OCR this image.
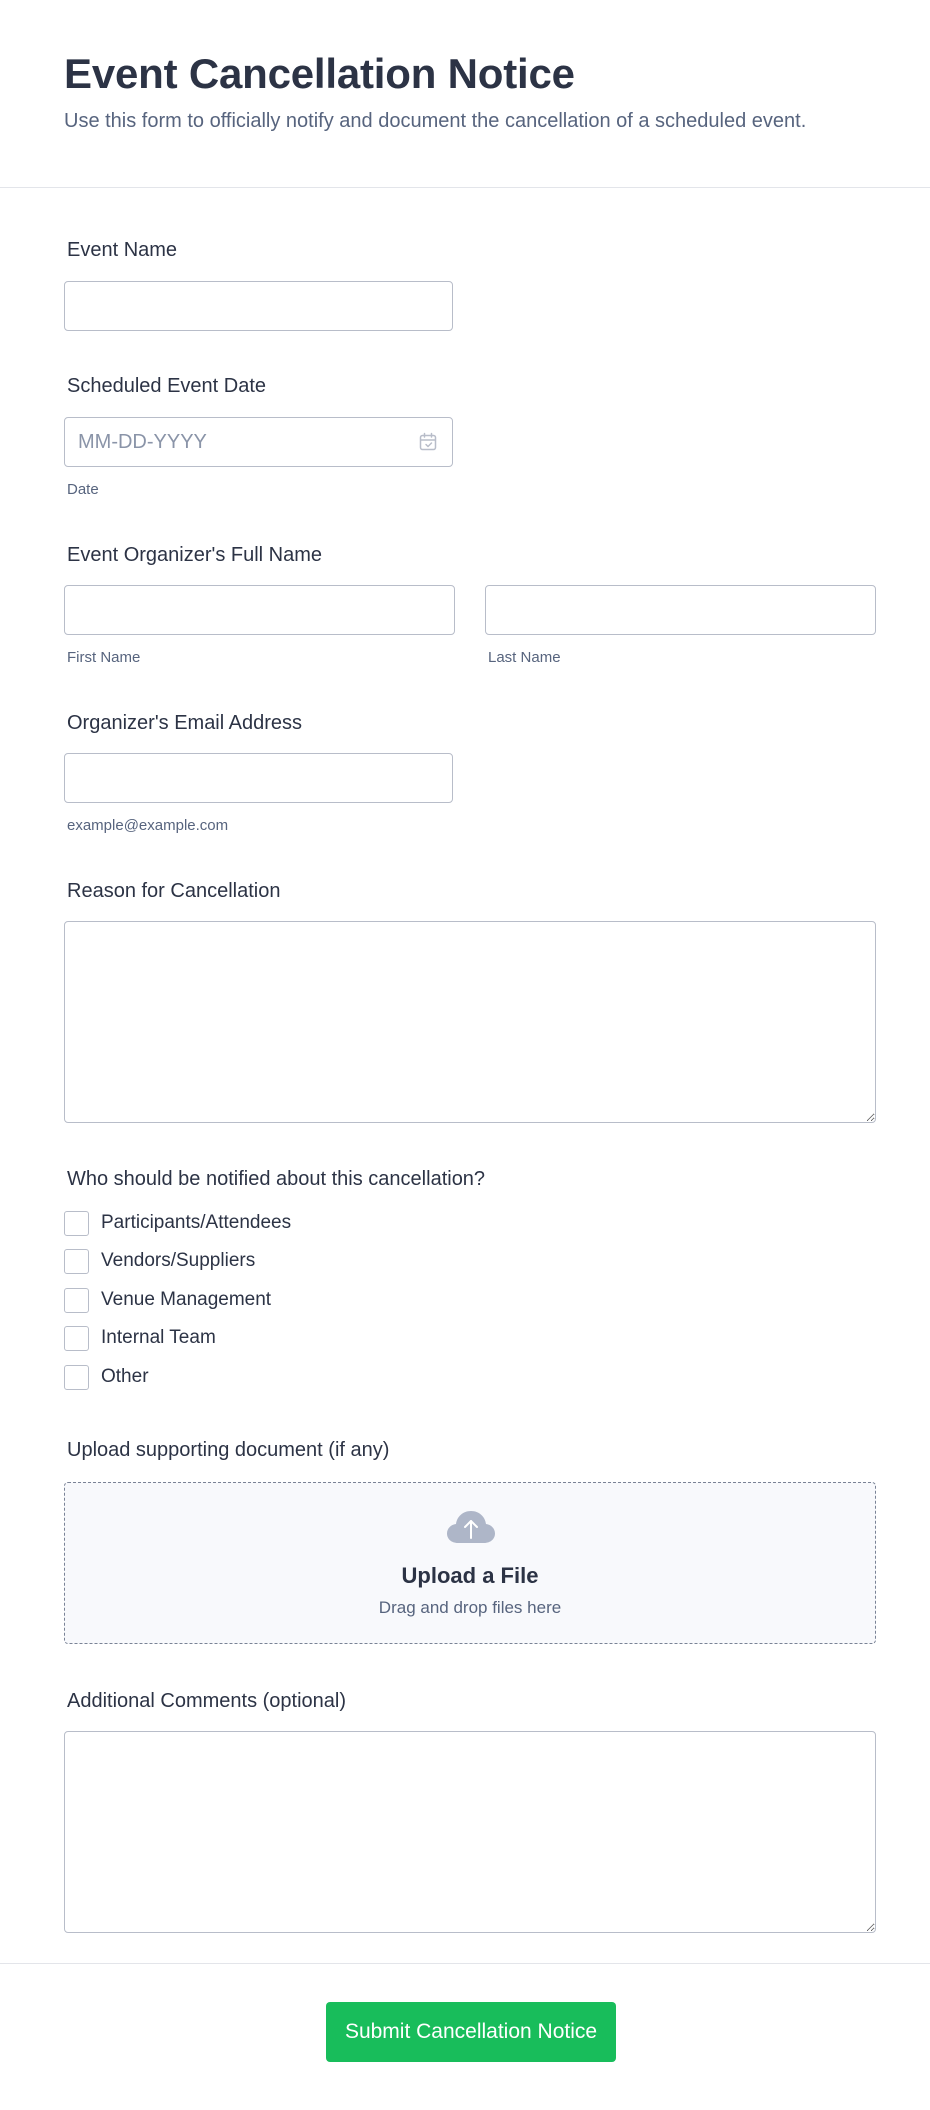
Event Cancellation Notice

Use this form to officially notify and document the cancellation of a scheduled event.

Event Name
Scheduled Event Date
MM-DD-YYYY
Date
Event Organizer's Full Name
First Name	Last Name
Organizer's Email Address
example@example.com
Reason for Cancellation
Who should be notified about this cancellation?
Participants/Attendees
Vendors/Suppliers
Venue Management
Internal Team
Other
Upload supporting document (if any)
Upload a File
Drag and drop files here
Additional Comments (optional)
Submit Cancellation Notice
